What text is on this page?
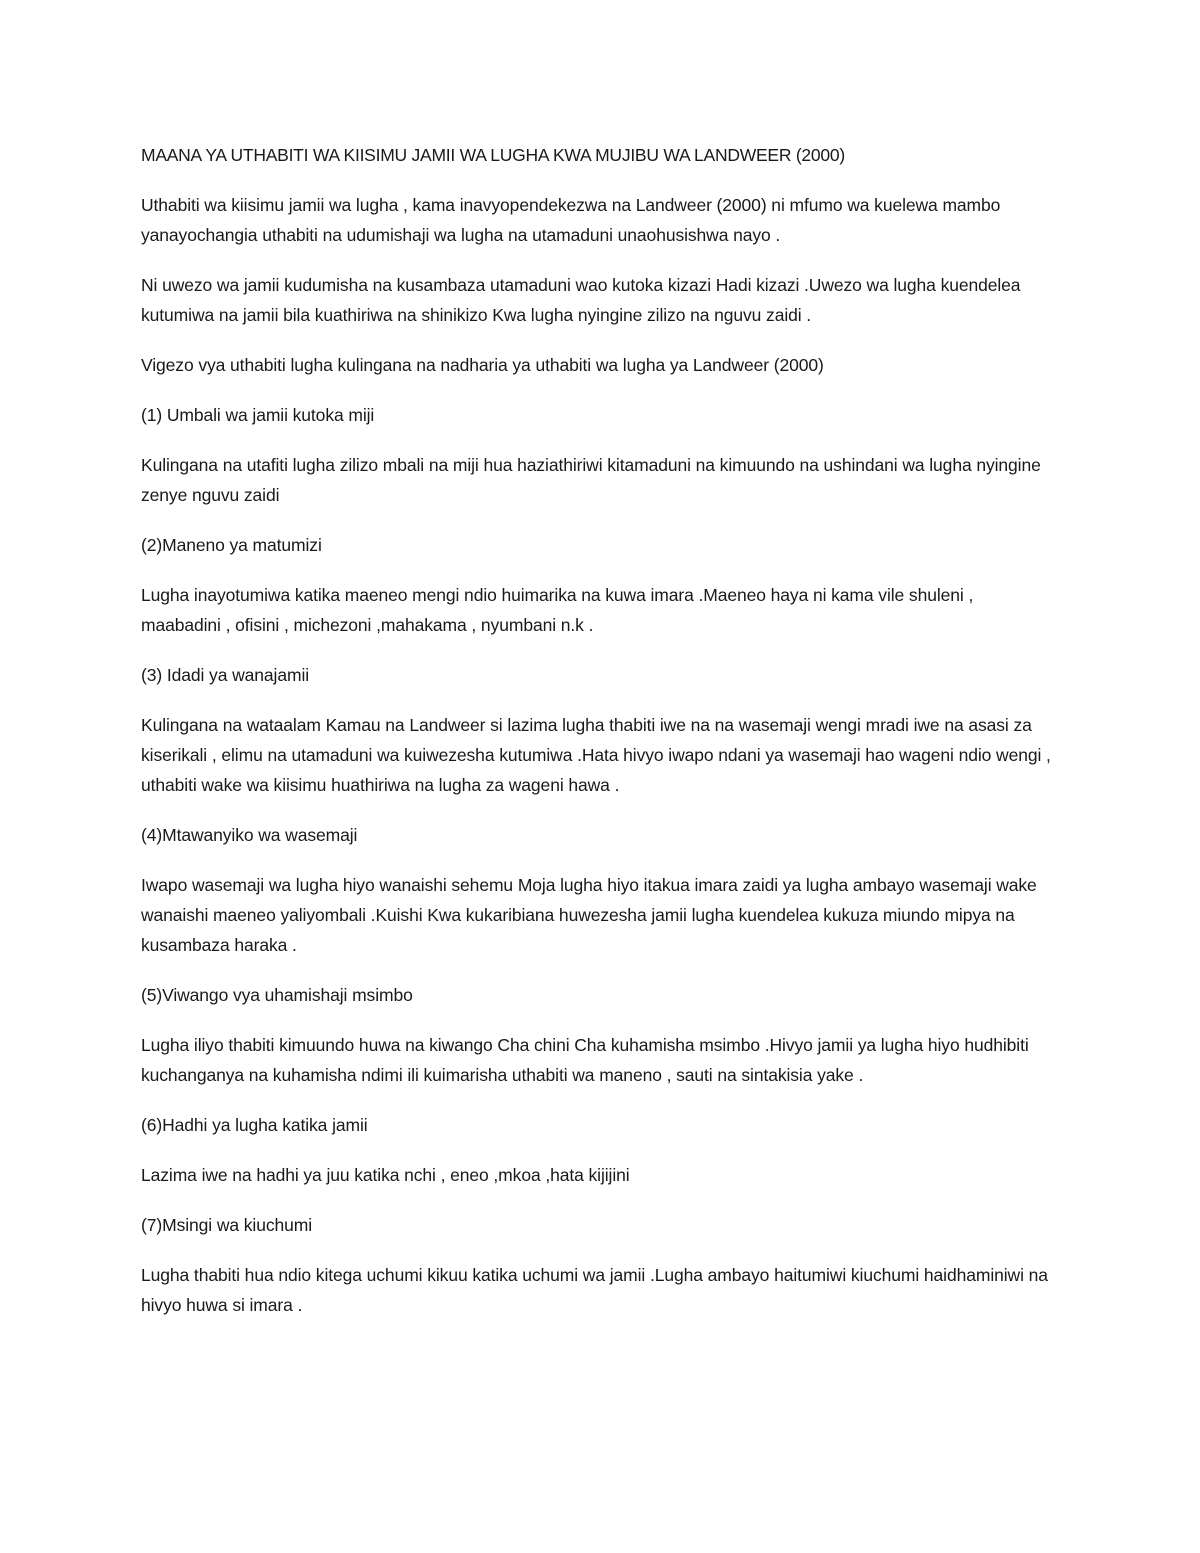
MAANA YA UTHABITI WA KIISIMU JAMII WA LUGHA KWA MUJIBU WA LANDWEER (2000)

Uthabiti wa kiisimu jamii wa lugha , kama inavyopendekezwa na Landweer (2000) ni mfumo wa kuelewa mambo yanayochangia uthabiti na udumishaji wa lugha na utamaduni unaohusishwa nayo .

Ni uwezo wa jamii kudumisha na kusambaza utamaduni wao kutoka kizazi Hadi kizazi .Uwezo wa lugha kuendelea kutumiwa na jamii bila kuathiriwa na shinikizo Kwa lugha nyingine zilizo na nguvu zaidi .

Vigezo vya uthabiti lugha kulingana na nadharia ya uthabiti wa lugha ya Landweer (2000)

(1) Umbali wa jamii kutoka miji

Kulingana na utafiti lugha zilizo mbali na miji hua haziathiriwi kitamaduni na kimuundo na ushindani wa lugha nyingine zenye nguvu zaidi

(2)Maneno ya matumizi

Lugha inayotumiwa katika maeneo mengi ndio huimarika na kuwa imara .Maeneo haya ni kama vile shuleni , maabadini , ofisini , michezoni ,mahakama , nyumbani n.k .

(3) Idadi ya wanajamii

Kulingana na wataalam Kamau na Landweer si lazima lugha thabiti iwe na na wasemaji wengi mradi iwe na asasi za kiserikali , elimu na utamaduni wa kuiwezesha kutumiwa .Hata hivyo iwapo ndani ya wasemaji hao wageni ndio wengi , uthabiti wake wa kiisimu huathiriwa na lugha za wageni hawa .

(4)Mtawanyiko wa wasemaji

Iwapo wasemaji wa lugha hiyo wanaishi sehemu Moja lugha hiyo itakua imara zaidi ya lugha ambayo wasemaji wake wanaishi maeneo yaliyombali .Kuishi Kwa kukaribiana huwezesha jamii lugha kuendelea kukuza miundo mipya na kusambaza haraka .

(5)Viwango vya uhamishaji msimbo

Lugha iliyo thabiti kimuundo huwa na kiwango Cha chini Cha kuhamisha msimbo .Hivyo jamii ya lugha hiyo hudhibiti kuchanganya na kuhamisha ndimi ili kuimarisha uthabiti wa maneno , sauti na sintakisia yake .

(6)Hadhi ya lugha katika jamii

Lazima iwe na hadhi ya juu katika nchi , eneo ,mkoa ,hata kijijini

(7)Msingi wa kiuchumi

Lugha thabiti hua ndio kitega uchumi kikuu katika uchumi wa jamii .Lugha ambayo haitumiwi kiuchumi haidhaminiwi na hivyo huwa si imara .
